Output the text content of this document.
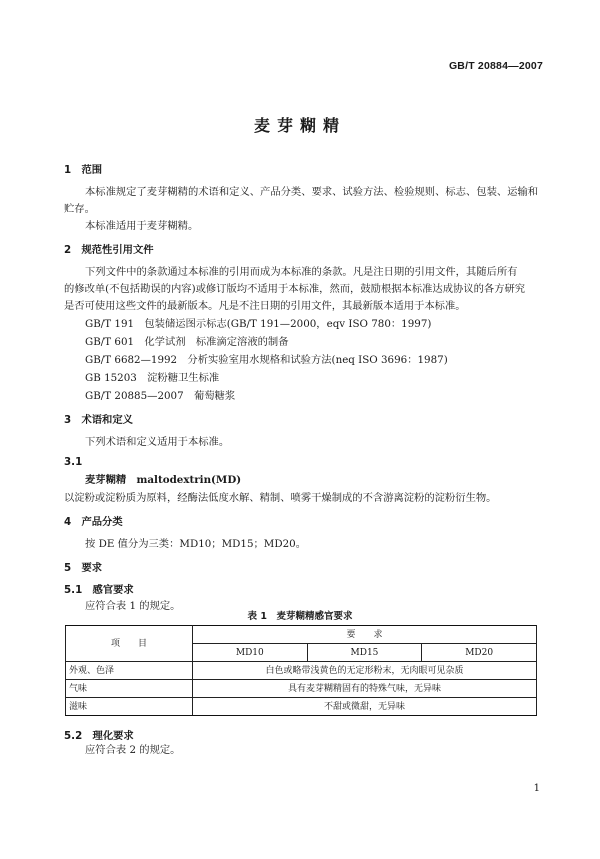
GB/T 20884—2007
麦芽糊精
1　范围
本标准规定了麦芽糊精的术语和定义、产品分类、要求、试验方法、检验规则、标志、包装、运输和
贮存。
本标准适用于麦芽糊精。
2　规范性引用文件
下列文件中的条款通过本标准的引用而成为本标准的条款。凡是注日期的引用文件，其随后所有
的修改单(不包括勘误的内容)或修订版均不适用于本标准，然而，鼓励根据本标准达成协议的各方研究
是否可使用这些文件的最新版本。凡是不注日期的引用文件，其最新版本适用于本标准。
GB/T 191　包装储运图示标志(GB/T 191—2000，eqv ISO 780：1997)
GB/T 601　化学试剂　标准滴定溶液的制备
GB/T 6682—1992　分析实验室用水规格和试验方法(neq ISO 3696：1987)
GB 15203　淀粉糖卫生标准
GB/T 20885—2007　葡萄糖浆
3　术语和定义
下列术语和定义适用于本标准。
3.1
麦芽糊精　maltodextrin(MD)
以淀粉或淀粉质为原料，经酶法低度水解、精制、喷雾干燥制成的不含游离淀粉的淀粉衍生物。
4　产品分类
按 DE 值分为三类：MD10；MD15；MD20。
5　要求
5.1　感官要求
应符合表 1 的规定。
表 1　麦芽糊精感官要求
项　　目	要　　求		
	MD10	MD15	MD20
外观、色泽	白色或略带浅黄色的无定形粉末，无肉眼可见杂质		
气味	具有麦芽糊精固有的特殊气味，无异味		
滋味	不甜或微甜，无异味		
5.2　理化要求
应符合表 2 的规定。
1
